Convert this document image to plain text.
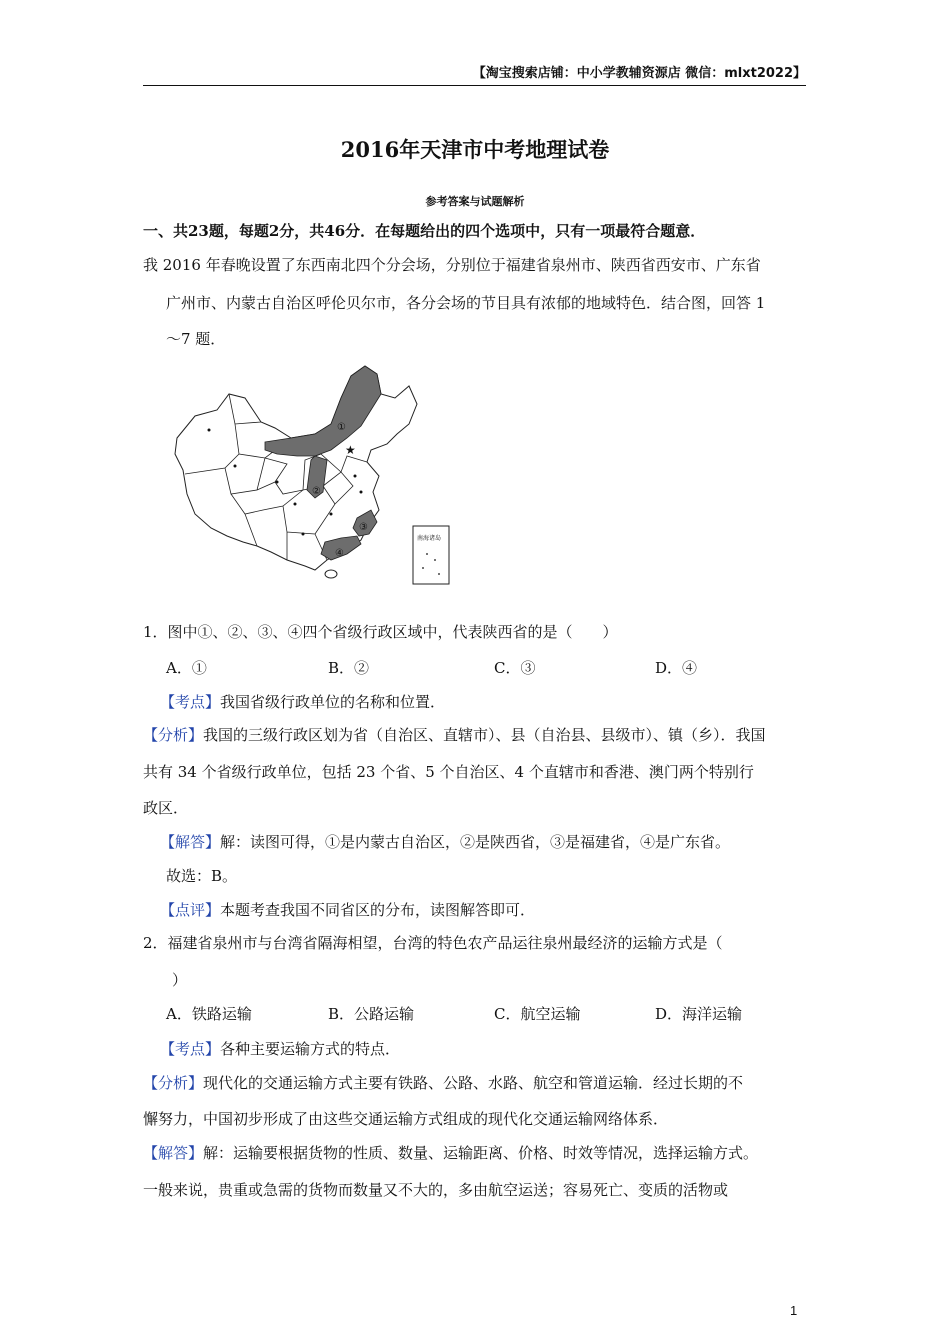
【淘宝搜索店铺：中小学教辅资源店 微信：mlxt2022】
2016年天津市中考地理试卷
参考答案与试题解析
一、共23题，每题2分，共46分．在每题给出的四个选项中，只有一项最符合题意．
我 2016 年春晚设置了东西南北四个分会场，分别位于福建省泉州市、陕西省西安市、广东省
广州市、内蒙古自治区呼伦贝尔市，各分会场的节目具有浓郁的地域特色．结合图，回答 1
～7 题．
★
①
②
③
④
南海诸岛
1．图中①、②、③、④四个省级行政区域中，代表陕西省的是（　　）
A．①	B．②	C．③	D．④
【考点】我国省级行政单位的名称和位置．
【分析】我国的三级行政区划为省（自治区、直辖市）、县（自治县、县级市）、镇（乡）．我国
共有 34 个省级行政单位，包括 23 个省、5 个自治区、4 个直辖市和香港、澳门两个特别行
政区．
【解答】解：读图可得，①是内蒙古自治区，②是陕西省，③是福建省，④是广东省。
故选：B。
【点评】本题考查我国不同省区的分布，读图解答即可．
2．福建省泉州市与台湾省隔海相望，台湾的特色农产品运往泉州最经济的运输方式是（
）
A．铁路运输	B．公路运输	C．航空运输	D．海洋运输
【考点】各种主要运输方式的特点．
【分析】现代化的交通运输方式主要有铁路、公路、水路、航空和管道运输．经过长期的不
懈努力，中国初步形成了由这些交通运输方式组成的现代化交通运输网络体系．
【解答】解：运输要根据货物的性质、数量、运输距离、价格、时效等情况，选择运输方式。
一般来说，贵重或急需的货物而数量又不大的，多由航空运送；容易死亡、变质的活物或
1
